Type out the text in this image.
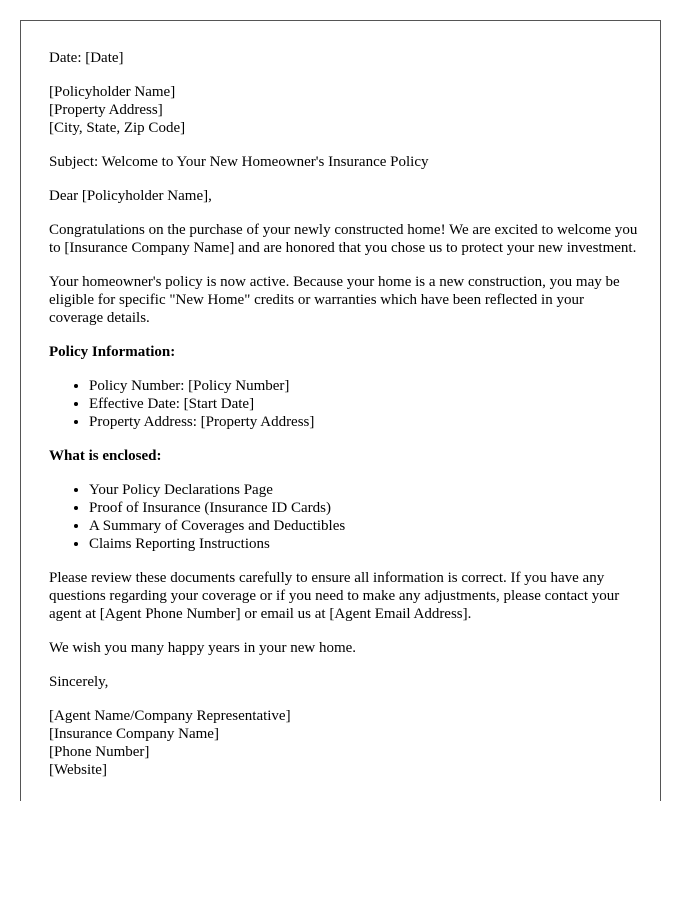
Date: [Date]

[Policyholder Name]
[Property Address]
[City, State, Zip Code]

Subject: Welcome to Your New Homeowner's Insurance Policy

Dear [Policyholder Name],

Congratulations on the purchase of your newly constructed home! We are excited to welcome you to [Insurance Company Name] and are honored that you chose us to protect your new investment.

Your homeowner's policy is now active. Because your home is a new construction, you may be eligible for specific "New Home" credits or warranties which have been reflected in your coverage details.

Policy Information:

• Policy Number: [Policy Number]
• Effective Date: [Start Date]
• Property Address: [Property Address]

What is enclosed:

• Your Policy Declarations Page
• Proof of Insurance (Insurance ID Cards)
• A Summary of Coverages and Deductibles
• Claims Reporting Instructions

Please review these documents carefully to ensure all information is correct. If you have any questions regarding your coverage or if you need to make any adjustments, please contact your agent at [Agent Phone Number] or email us at [Agent Email Address].

We wish you many happy years in your new home.

Sincerely,

[Agent Name/Company Representative]
[Insurance Company Name]
[Phone Number]
[Website]
